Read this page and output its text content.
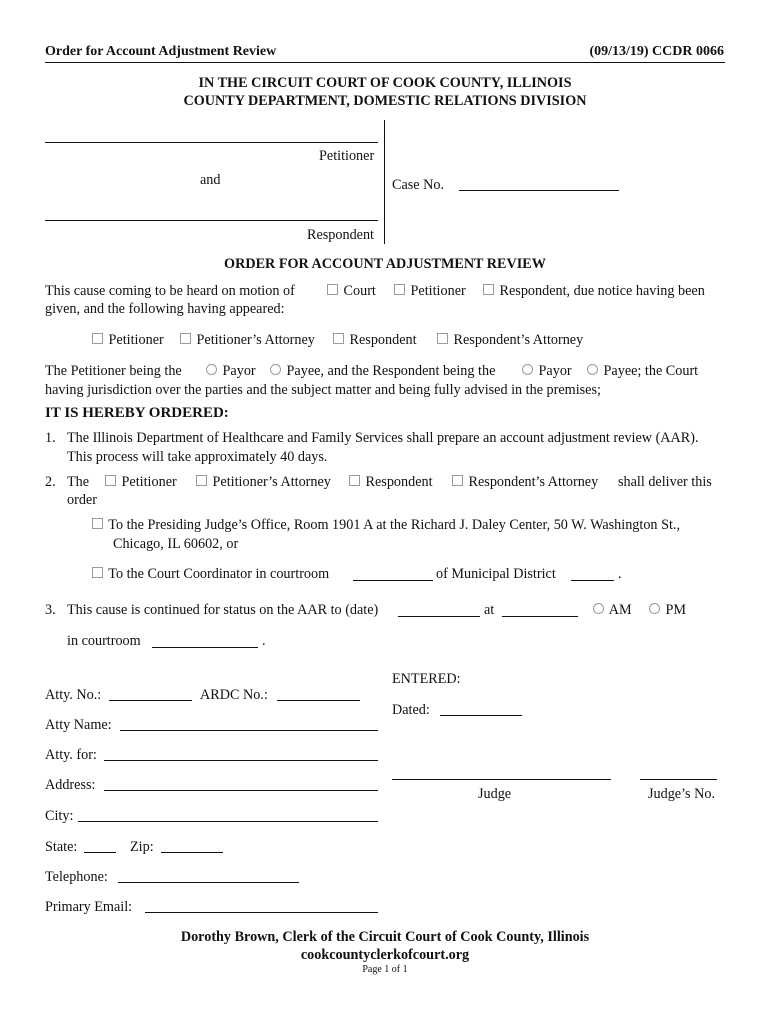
Order for Account Adjustment Review	(09/13/19) CCDR 0066
IN THE CIRCUIT COURT OF COOK COUNTY, ILLINOIS
COUNTY DEPARTMENT, DOMESTIC RELATIONS DIVISION
Petitioner
and
Respondent
Case No.
ORDER FOR ACCOUNT ADJUSTMENT REVIEW
This cause coming to be heard on motion of	Court	Petitioner	Respondent, due notice having been
given, and the following having appeared:
Petitioner	Petitioner’s Attorney	Respondent	Respondent’s Attorney
The Petitioner being the	Payor	Payee, and the Respondent being the	Payor	Payee; the Court
having jurisdiction over the parties and the subject matter and being fully advised in the premises;
IT IS HEREBY ORDERED:
1. The Illinois Department of Healthcare and Family Services shall prepare an account adjustment review (AAR).
This process will take approximately 40 days.
2. The	Petitioner	Petitioner’s Attorney	Respondent	Respondent’s Attorney shall deliver this
order
To the Presiding Judge’s Office, Room 1901 A at the Richard J. Daley Center, 50 W. Washington St.,
Chicago, IL 60602, or
To the Court Coordinator in courtroom	of Municipal District	.
3. This cause is continued for status on the AAR to (date)	at	AM	PM
in courtroom	.
Atty. No.:	ARDC No.:
Atty Name:
Atty. for:
Address:
City:
State:	Zip:
Telephone:
Primary Email:
ENTERED:
Dated:
Judge	Judge’s No.
Dorothy Brown, Clerk of the Circuit Court of Cook County, Illinois
cookcountyclerkofcourt.org
Page 1 of 1
